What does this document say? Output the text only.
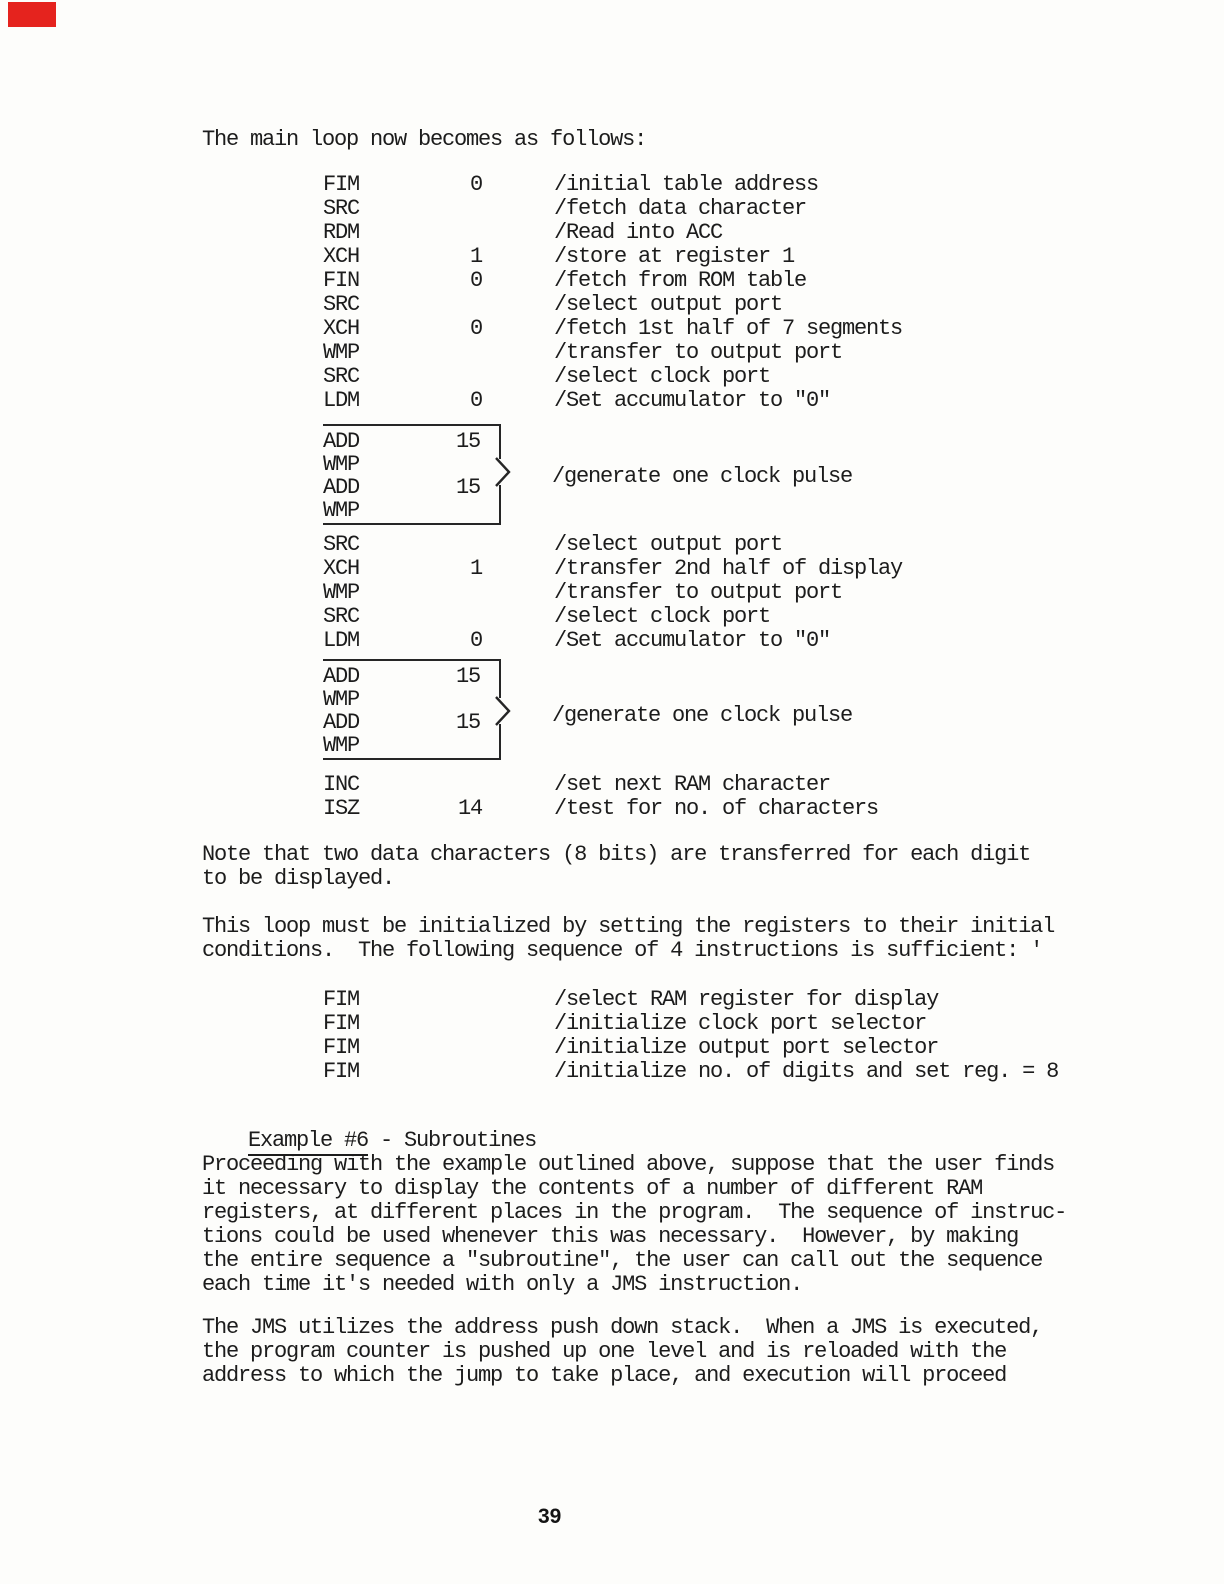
The main loop now becomes as follows:
FIM	0	/initial table address
SRC	/fetch data character
RDM	/Read into ACC
XCH	1	/store at register 1
FIN	0	/fetch from ROM table
SRC	/select output port
XCH	0	/fetch 1st half of 7 segments
WMP	/transfer to output port
SRC	/select clock port
LDM	0	/Set accumulator to "0"
ADD	15
WMP
ADD	15
WMP
/generate one clock pulse
SRC	/select output port
XCH	1	/transfer 2nd half of display
WMP	/transfer to output port
SRC	/select clock port
LDM	0	/Set accumulator to "0"
ADD	15
WMP
ADD	15
WMP
/generate one clock pulse
INC	/set next RAM character
ISZ	14	/test for no. of characters
Note that two data characters (8 bits) are transferred for each digit
to be displayed.
This loop must be initialized by setting the registers to their initial
conditions.  The following sequence of 4 instructions is sufficient: '
FIM	/select RAM register for display
FIM	/initialize clock port selector
FIM	/initialize output port selector
FIM	/initialize no. of digits and set reg. = 8

Example #6 - Subroutines

Proceeding with the example outlined above, suppose that the user finds
it necessary to display the contents of a number of different RAM
registers, at different places in the program.  The sequence of instruc-
tions could be used whenever this was necessary.  However, by making
the entire sequence a "subroutine", the user can call out the sequence
each time it's needed with only a JMS instruction.
The JMS utilizes the address push down stack.  When a JMS is executed,
the program counter is pushed up one level and is reloaded with the
address to which the jump to take place, and execution will proceed
39
